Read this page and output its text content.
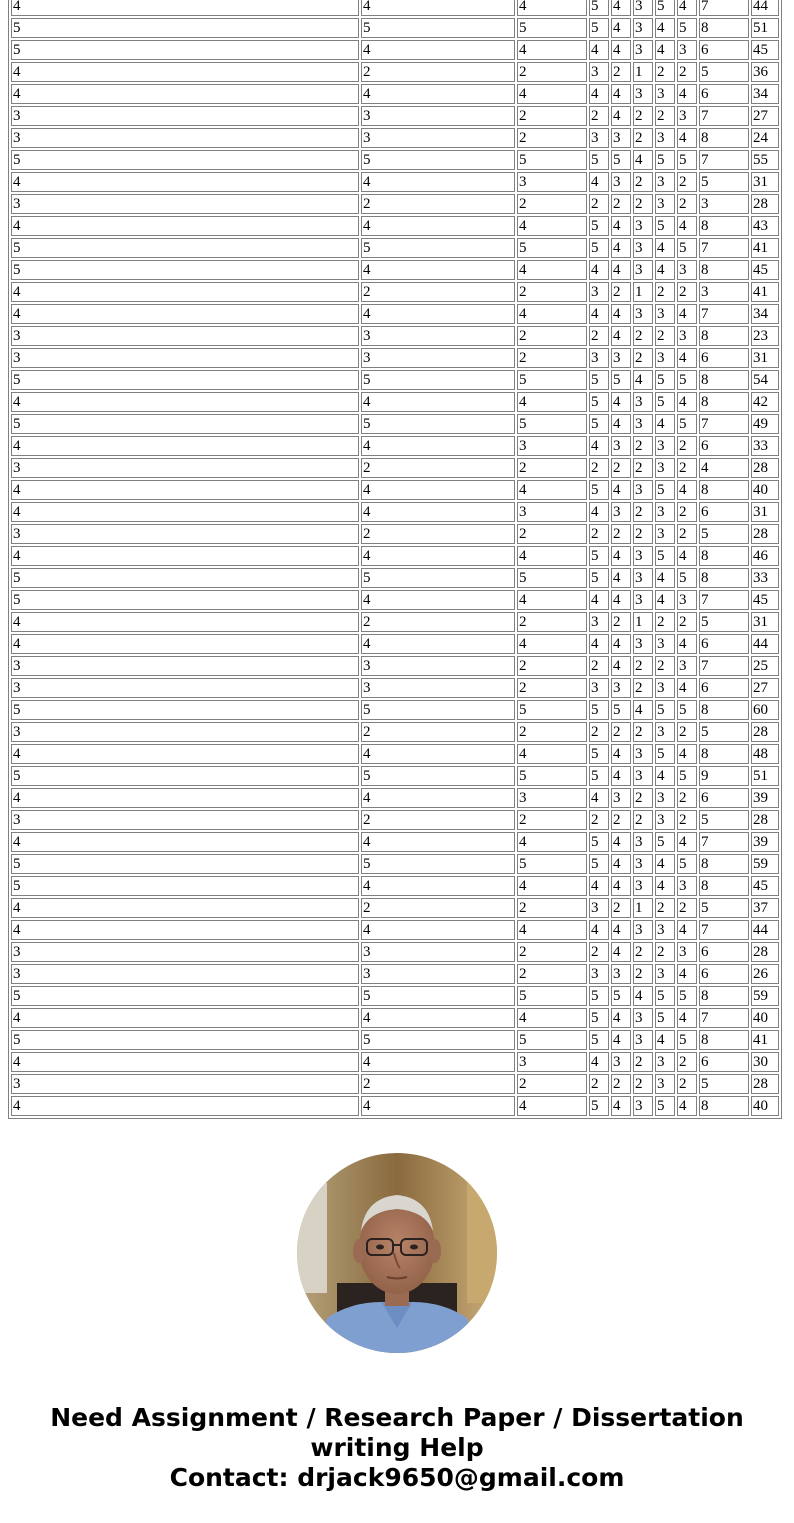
4	4	4	5	4	3	5	4	7	44
5	5	5	5	4	3	4	5	8	51
5	4	4	4	4	3	4	3	6	45
4	2	2	3	2	1	2	2	5	36
4	4	4	4	4	3	3	4	6	34
3	3	2	2	4	2	2	3	7	27
3	3	2	3	3	2	3	4	8	24
5	5	5	5	5	4	5	5	7	55
4	4	3	4	3	2	3	2	5	31
3	2	2	2	2	2	3	2	3	28
4	4	4	5	4	3	5	4	8	43
5	5	5	5	4	3	4	5	7	41
5	4	4	4	4	3	4	3	8	45
4	2	2	3	2	1	2	2	3	41
4	4	4	4	4	3	3	4	7	34
3	3	2	2	4	2	2	3	8	23
3	3	2	3	3	2	3	4	6	31
5	5	5	5	5	4	5	5	8	54
4	4	4	5	4	3	5	4	8	42
5	5	5	5	4	3	4	5	7	49
4	4	3	4	3	2	3	2	6	33
3	2	2	2	2	2	3	2	4	28
4	4	4	5	4	3	5	4	8	40
4	4	3	4	3	2	3	2	6	31
3	2	2	2	2	2	3	2	5	28
4	4	4	5	4	3	5	4	8	46
5	5	5	5	4	3	4	5	8	33
5	4	4	4	4	3	4	3	7	45
4	2	2	3	2	1	2	2	5	31
4	4	4	4	4	3	3	4	6	44
3	3	2	2	4	2	2	3	7	25
3	3	2	3	3	2	3	4	6	27
5	5	5	5	5	4	5	5	8	60
3	2	2	2	2	2	3	2	5	28
4	4	4	5	4	3	5	4	8	48
5	5	5	5	4	3	4	5	9	51
4	4	3	4	3	2	3	2	6	39
3	2	2	2	2	2	3	2	5	28
4	4	4	5	4	3	5	4	7	39
5	5	5	5	4	3	4	5	8	59
5	4	4	4	4	3	4	3	8	45
4	2	2	3	2	1	2	2	5	37
4	4	4	4	4	3	3	4	7	44
3	3	2	2	4	2	2	3	6	28
3	3	2	3	3	2	3	4	6	26
5	5	5	5	5	4	5	5	8	59
4	4	4	5	4	3	5	4	7	40
5	5	5	5	4	3	4	5	8	41
4	4	3	4	3	2	3	2	6	30
3	2	2	2	2	2	3	2	5	28
4	4	4	5	4	3	5	4	8	40
Need Assignment / Research Paper / Dissertation
writing Help
Contact: drjack9650@gmail.com
